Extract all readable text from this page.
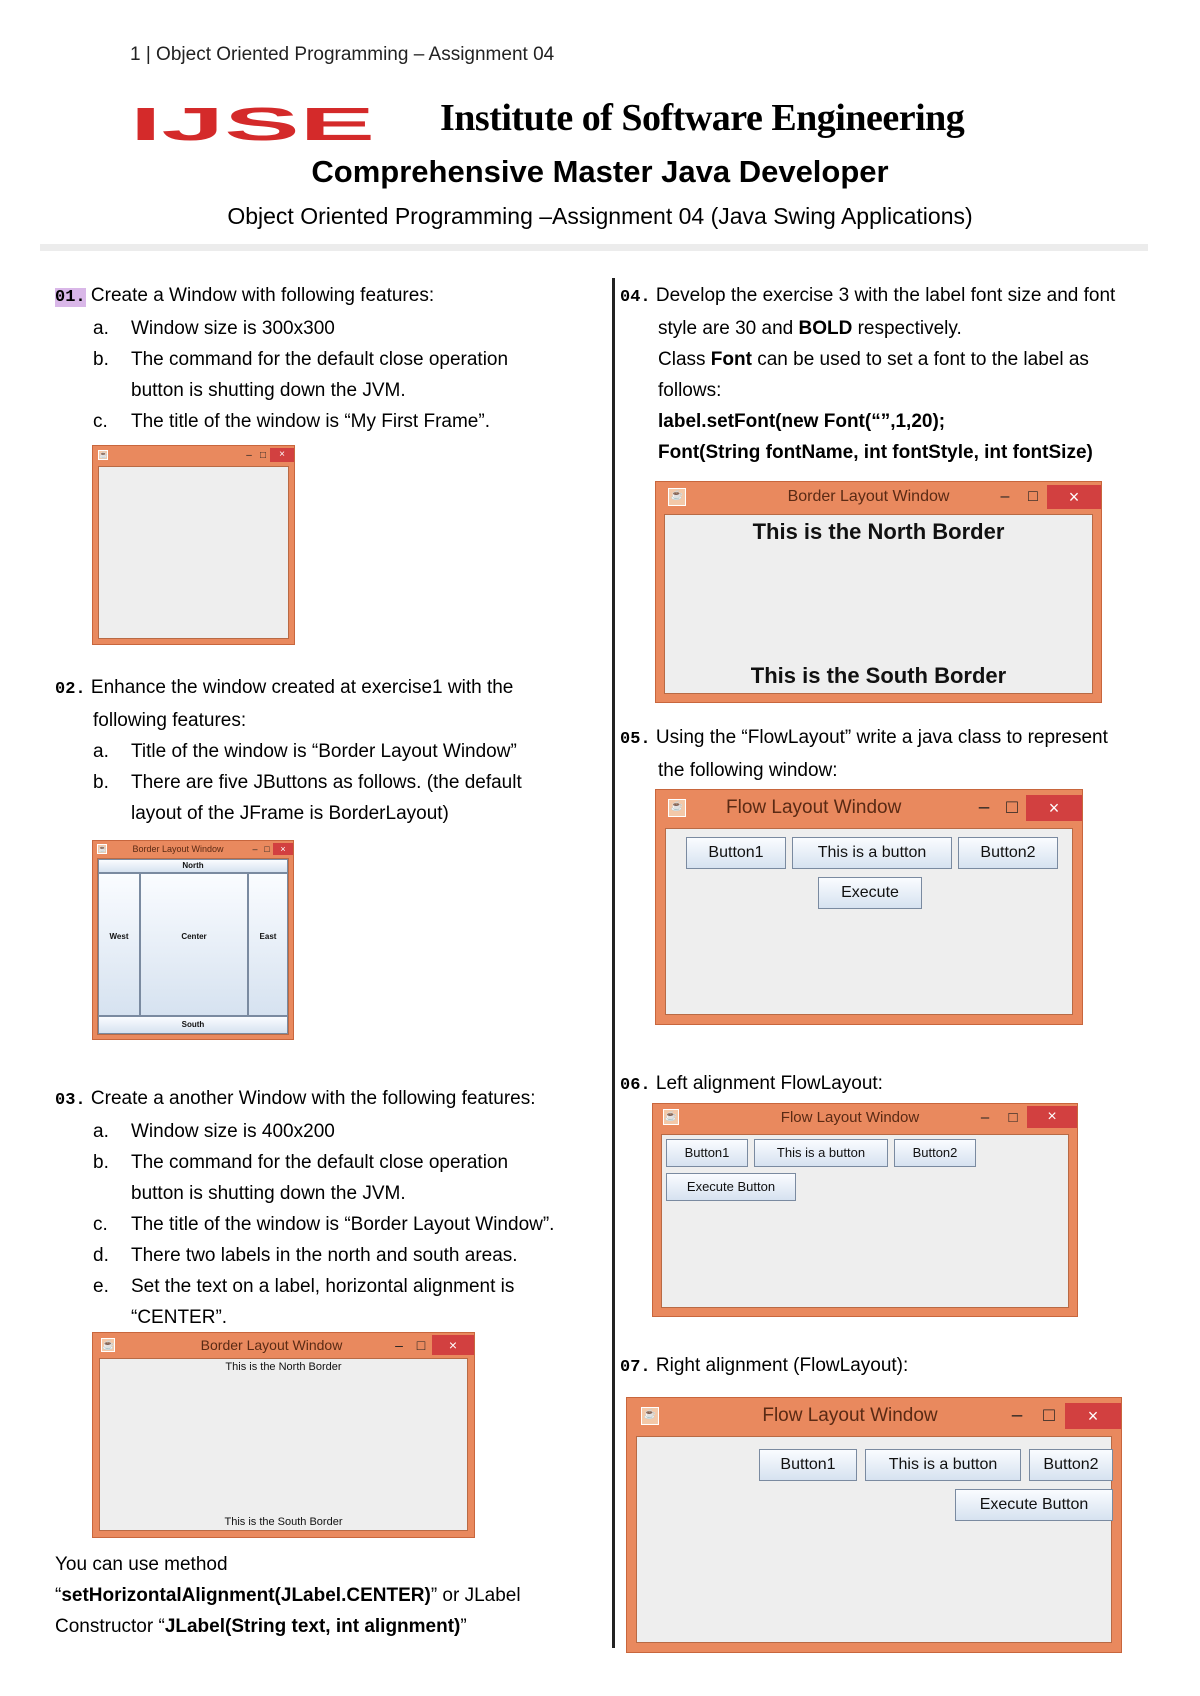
1 | Object Oriented Programming – Assignment 04
IJSE Institute of Software Engineering
Comprehensive Master Java Developer
Object Oriented Programming –Assignment 04 (Java Swing Applications)
01. Create a Window with following features:
a.	Window size is 300x300
b.	The command for the default close operation
button is shutting down the JVM.
c.	The title of the window is “My First Frame”.
☕	– □	×
02. Enhance the window created at exercise1 with the
following features:
a.	Title of the window is “Border Layout Window”
b.	There are five JButtons as follows. (the default
layout of the JFrame is BorderLayout)
☕	Border Layout Window	– □	×
North
West	Center	East
South
03. Create a another Window with the following features:
a.	Window size is 400x200
b.	The command for the default close operation
button is shutting down the JVM.
c.	The title of the window is “Border Layout Window”.
d.	There two labels in the north and south areas.
e.	Set the text on a label, horizontal alignment is
“CENTER”.
☕	Border Layout Window	– □	×
This is the North Border
This is the South Border
You can use method
“setHorizontalAlignment(JLabel.CENTER)” or JLabel
Constructor “JLabel(String text, int alignment)”
04. Develop the exercise 3 with the label font size and font
style are 30 and BOLD respectively.
Class Font can be used to set a font to the label as
follows:
label.setFont(new Font(“”,1,20);
Font(String fontName, int fontStyle, int fontSize)
☕	Border Layout Window	–	□	×
This is the North Border
This is the South Border
05. Using the “FlowLayout” write a java class to represent
the following window:
☕	Flow Layout Window	– □	×
Button1	This is a button	Button2
Execute
06. Left alignment FlowLayout:
☕	Flow Layout Window	–	□	×
Button1	This is a button	Button2
Execute Button
07. Right alignment (FlowLayout):
☕	Flow Layout Window	–	□	×
Button1	This is a button	Button2
Execute Button
